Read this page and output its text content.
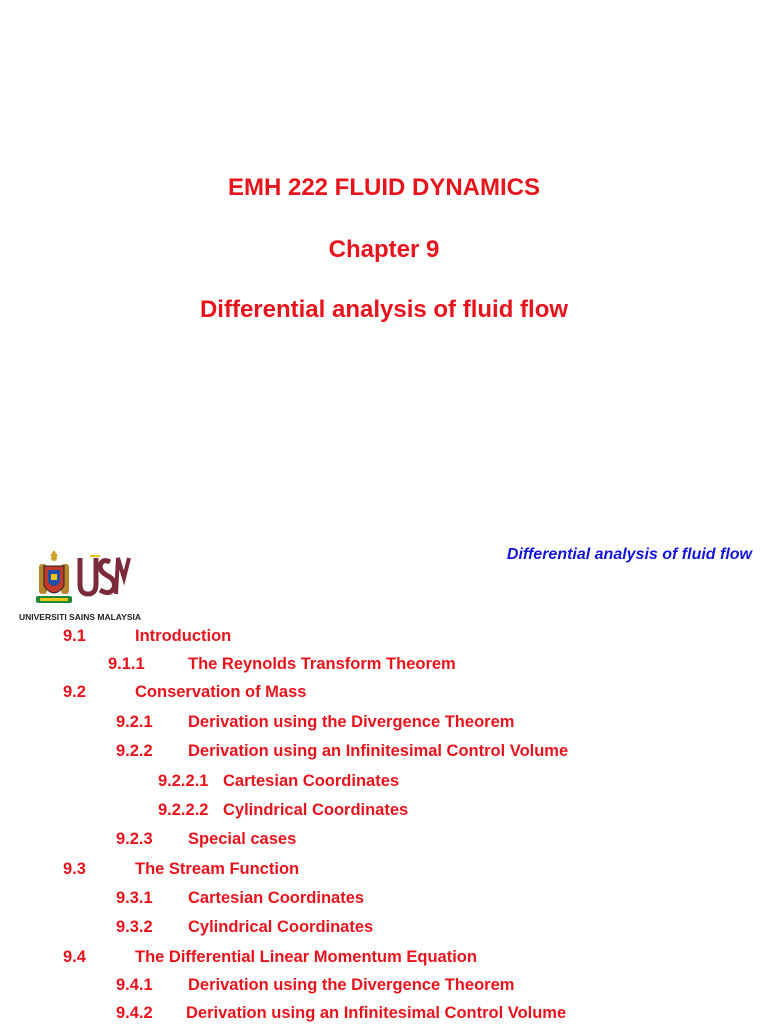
EMH 222 FLUID DYNAMICS
Chapter 9
Differential analysis of fluid flow
UNIVERSITI SAINS MALAYSIA
Differential analysis of fluid flow
9.1	Introduction
9.1.1	The Reynolds Transform Theorem
9.2	Conservation of Mass
9.2.1 Derivation using the Divergence Theorem
9.2.2 Derivation using an Infinitesimal Control Volume
9.2.2.1 Cartesian Coordinates
9.2.2.2 Cylindrical Coordinates
9.2.3 Special cases
9.3	The Stream Function
9.3.1 Cartesian Coordinates
9.3.2 Cylindrical Coordinates
9.4	The Differential Linear Momentum Equation
9.4.1 Derivation using the Divergence Theorem
9.4.2 Derivation using an Infinitesimal Control Volume
